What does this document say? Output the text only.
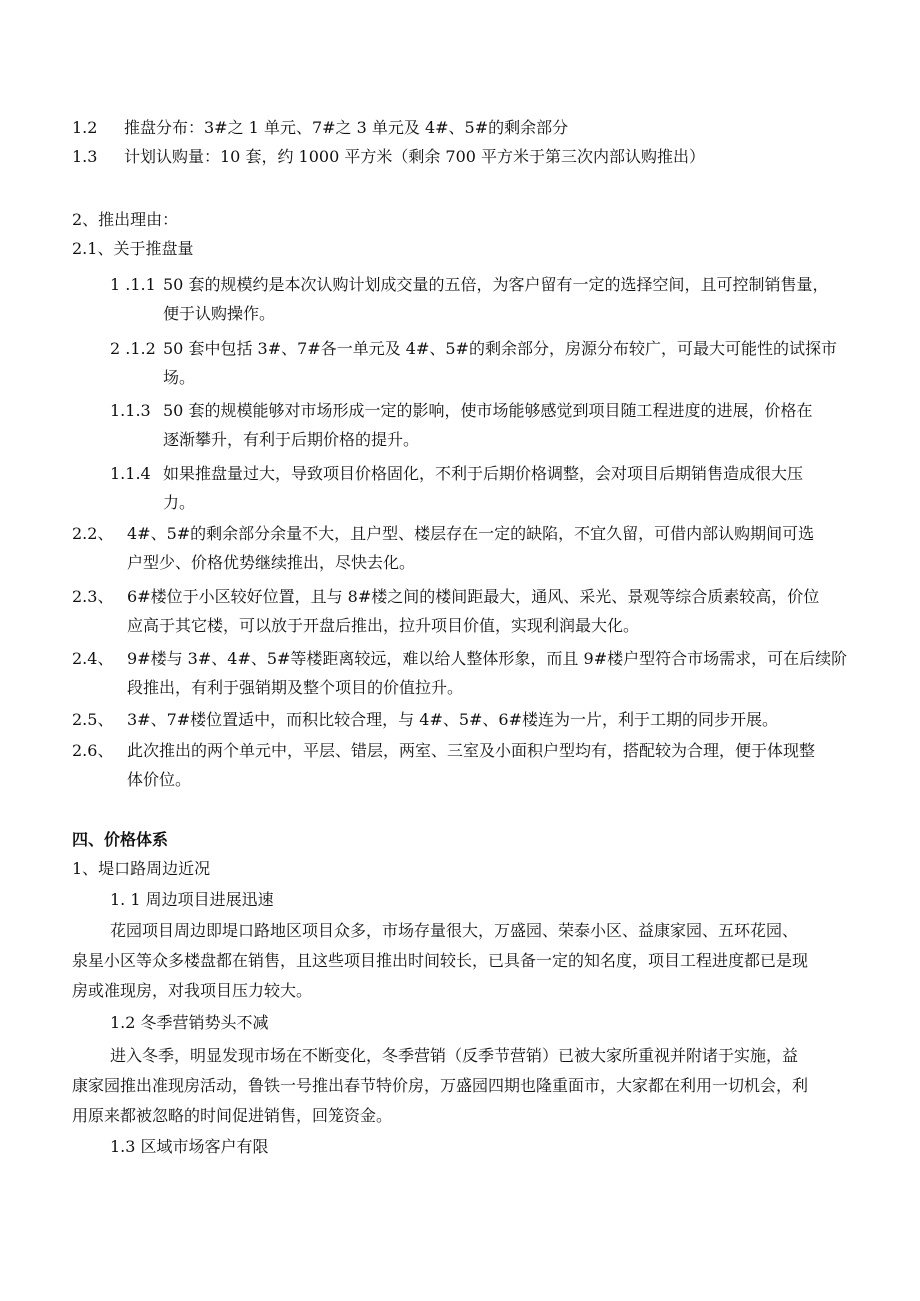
1.2 推盘分布：3#之 1 单元、7#之 3 单元及 4#、5#的剩余部分
1.3 计划认购量：10 套，约 1000 平方米（剩余 700 平方米于第三次内部认购推出）
2、推出理由：
2.1、关于推盘量
1 .1.1 50 套的规模约是本次认购计划成交量的五倍，为客户留有一定的选择空间，且可控制销售量，
便于认购操作。
2 .1.2 50 套中包括 3#、7#各一单元及 4#、5#的剩余部分，房源分布较广，可最大可能性的试探市
场。
1.1.3 50 套的规模能够对市场形成一定的影响，使市场能够感觉到项目随工程进度的进展，价格在
逐渐攀升，有利于后期价格的提升。
1.1.4 如果推盘量过大，导致项目价格固化，不利于后期价格调整，会对项目后期销售造成很大压
力。
2.2、 4#、5#的剩余部分余量不大，且户型、楼层存在一定的缺陷，不宜久留，可借内部认购期间可选
户型少、价格优势继续推出，尽快去化。
2.3、 6#楼位于小区较好位置，且与 8#楼之间的楼间距最大，通风、采光、景观等综合质素较高，价位
应高于其它楼，可以放于开盘后推出，拉升项目价值，实现利润最大化。
2.4、 9#楼与 3#、4#、5#等楼距离较远，难以给人整体形象，而且 9#楼户型符合市场需求，可在后续阶
段推出，有利于强销期及整个项目的价值拉升。
2.5、 3#、7#楼位置适中，而积比较合理，与 4#、5#、6#楼连为一片，利于工期的同步开展。
2.6、 此次推出的两个单元中，平层、错层，两室、三室及小面积户型均有，搭配较为合理，便于体现整
体价位。
四、价格体系
1、堤口路周边近况
1. 1 周边项目进展迅速
花园项目周边即堤口路地区项目众多，市场存量很大，万盛园、荣泰小区、益康家园、五环花园、
泉星小区等众多楼盘都在销售，且这些项目推出时间较长，已具备一定的知名度，项目工程进度都已是现
房或准现房，对我项目压力较大。
1.2 冬季营销势头不减
进入冬季，明显发现市场在不断变化，冬季营销（反季节营销）已被大家所重视并附诸于实施，益
康家园推出准现房活动，鲁铁一号推出春节特价房，万盛园四期也隆重面市，大家都在利用一切机会，利
用原来都被忽略的时间促进销售，回笼资金。
1.3 区域市场客户有限
